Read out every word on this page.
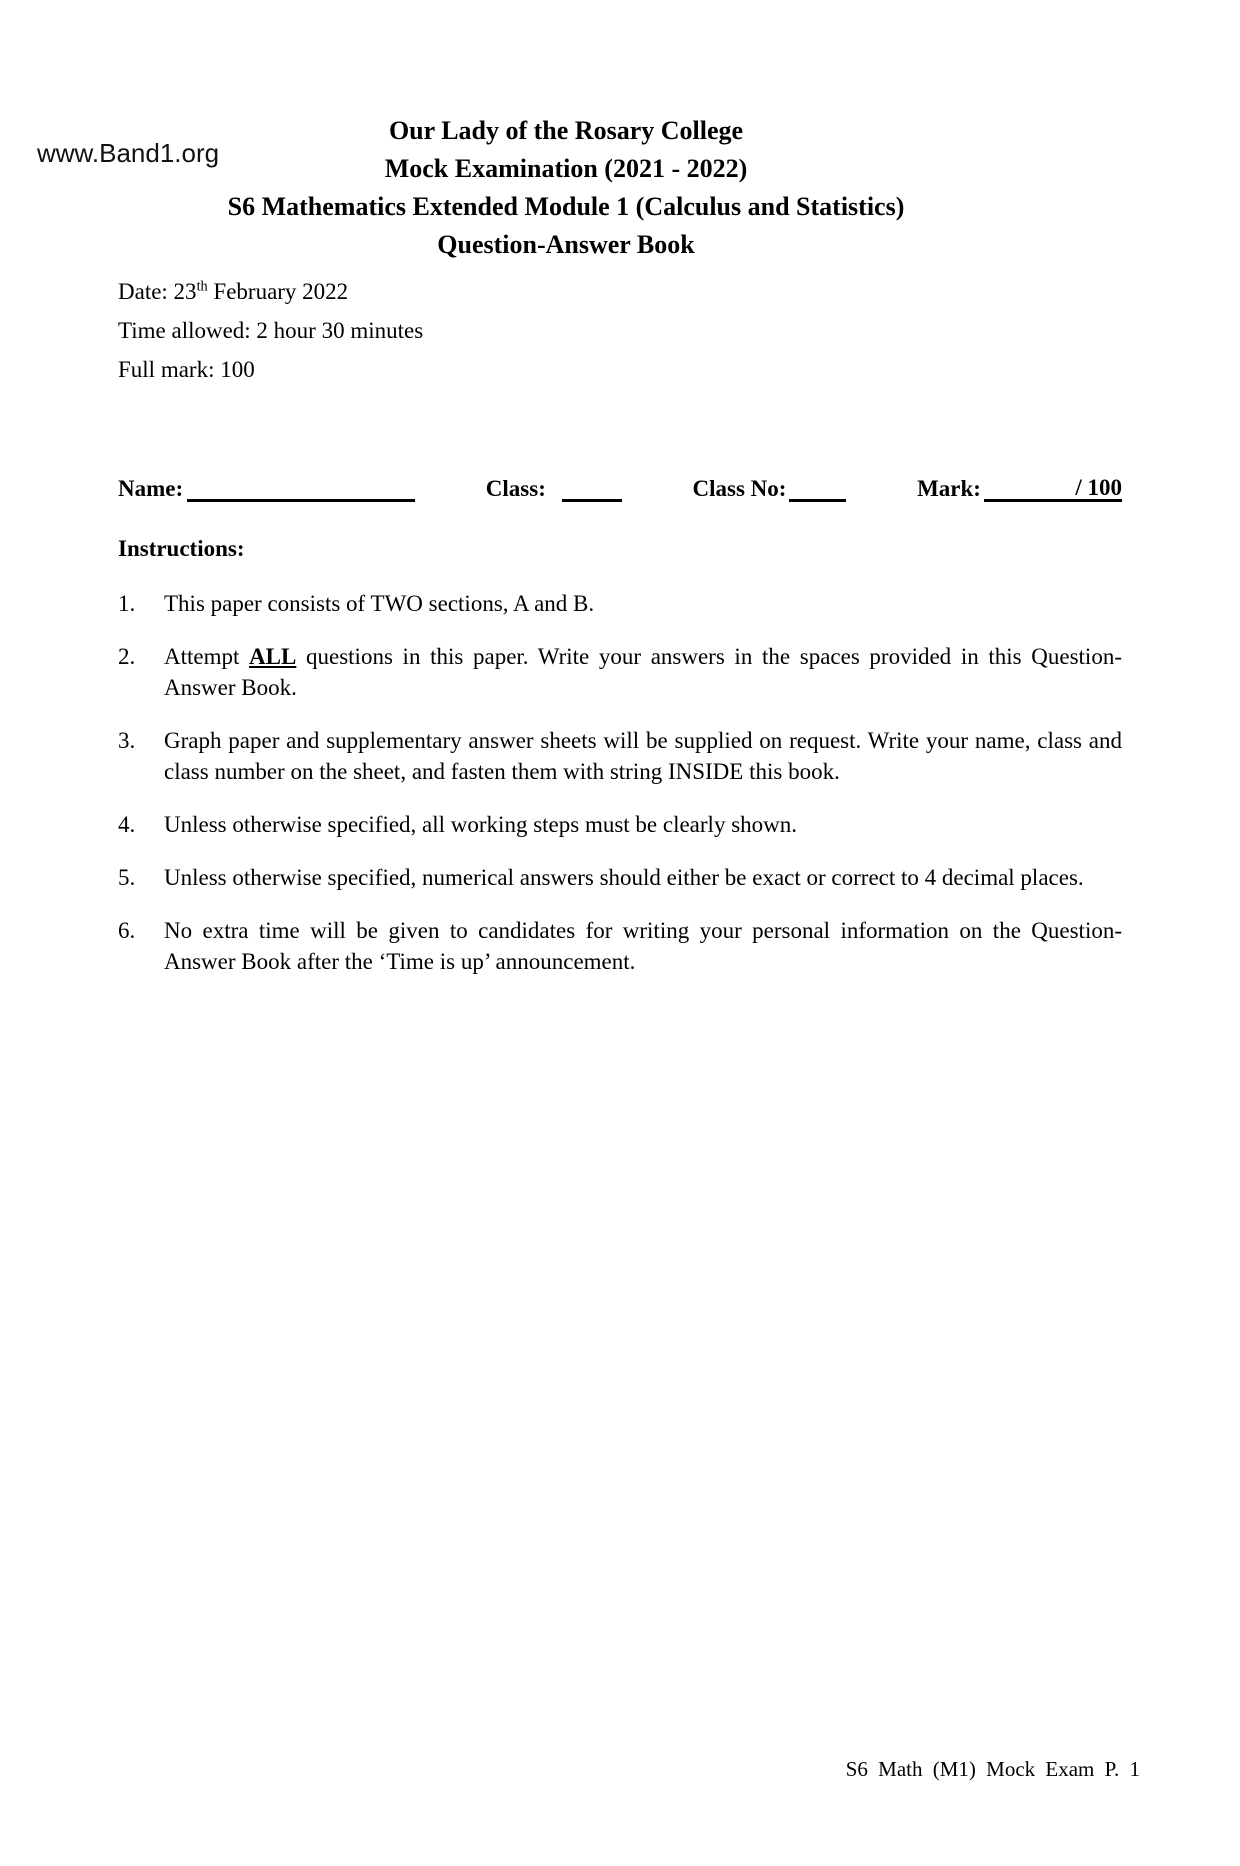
www.Band1.org
Our Lady of the Rosary College
Mock Examination (2021 - 2022)
S6 Mathematics Extended Module 1 (Calculus and Statistics)
Question-Answer Book
Date: 23th February 2022
Time allowed: 2 hour 30 minutes
Full mark: 100
Name:	Class:	Class No:	Mark:	/ 100
Instructions:
1.	This paper consists of TWO sections, A and B.
2.	Attempt ALL questions in this paper. Write your answers in the spaces provided in this Question-Answer Book.
3.	Graph paper and supplementary answer sheets will be supplied on request. Write your name, class and class number on the sheet, and fasten them with string INSIDE this book.
4.	Unless otherwise specified, all working steps must be clearly shown.
5.	Unless otherwise specified, numerical answers should either be exact or correct to 4 decimal places.
6.	No extra time will be given to candidates for writing your personal information on the Question-Answer Book after the ‘Time is up’ announcement.
S6 Math (M1) Mock Exam P. 1
